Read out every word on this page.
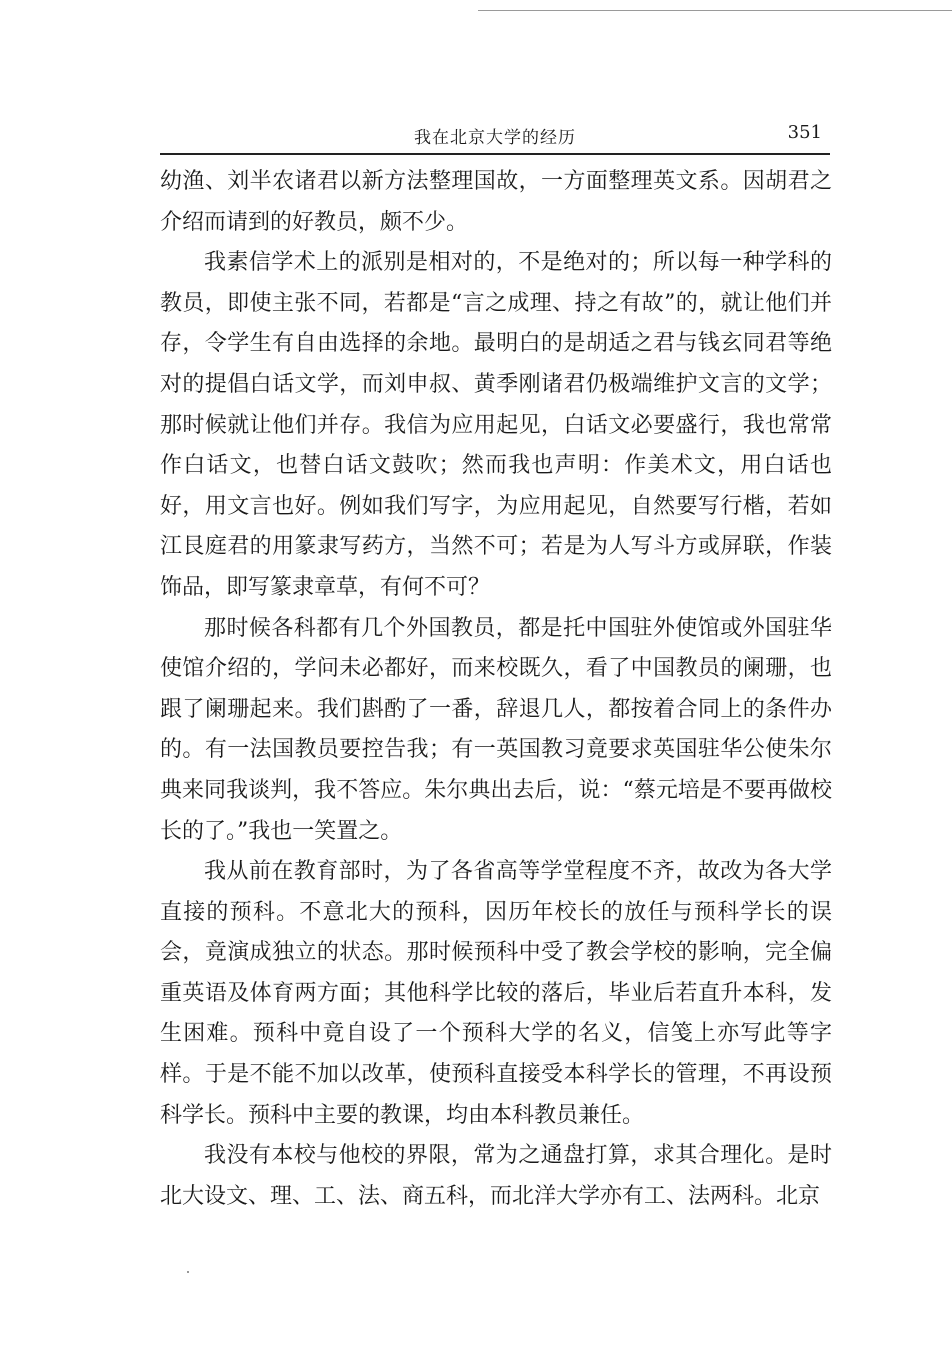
我在北京大学的经历	351

幼渔、刘半农诸君以新方法整理国故，一方面整理英文系。因胡君之介绍而请到的好教员，颇不少。

我素信学术上的派别是相对的，不是绝对的；所以每一种学科的教员，即使主张不同，若都是“言之成理、持之有故”的，就让他们并存，令学生有自由选择的余地。最明白的是胡适之君与钱玄同君等绝对的提倡白话文学，而刘申叔、黄季刚诸君仍极端维护文言的文学；那时候就让他们并存。我信为应用起见，白话文必要盛行，我也常常作白话文，也替白话文鼓吹；然而我也声明：作美术文，用白话也好，用文言也好。例如我们写字，为应用起见，自然要写行楷，若如江艮庭君的用篆隶写药方，当然不可；若是为人写斗方或屏联，作装饰品，即写篆隶章草，有何不可？

那时候各科都有几个外国教员，都是托中国驻外使馆或外国驻华使馆介绍的，学问未必都好，而来校既久，看了中国教员的阑珊，也跟了阑珊起来。我们斟酌了一番，辞退几人，都按着合同上的条件办的。有一法国教员要控告我；有一英国教习竟要求英国驻华公使朱尔典来同我谈判，我不答应。朱尔典出去后，说：“蔡元培是不要再做校长的了。”我也一笑置之。

我从前在教育部时，为了各省高等学堂程度不齐，故改为各大学直接的预科。不意北大的预科，因历年校长的放任与预科学长的误会，竟演成独立的状态。那时候预科中受了教会学校的影响，完全偏重英语及体育两方面；其他科学比较的落后，毕业后若直升本科，发生困难。预科中竟自设了一个预科大学的名义，信笺上亦写此等字样。于是不能不加以改革，使预科直接受本科学长的管理，不再设预科学长。预科中主要的教课，均由本科教员兼任。

我没有本校与他校的界限，常为之通盘打算，求其合理化。是时北大设文、理、工、法、商五科，而北洋大学亦有工、法两科。北京
